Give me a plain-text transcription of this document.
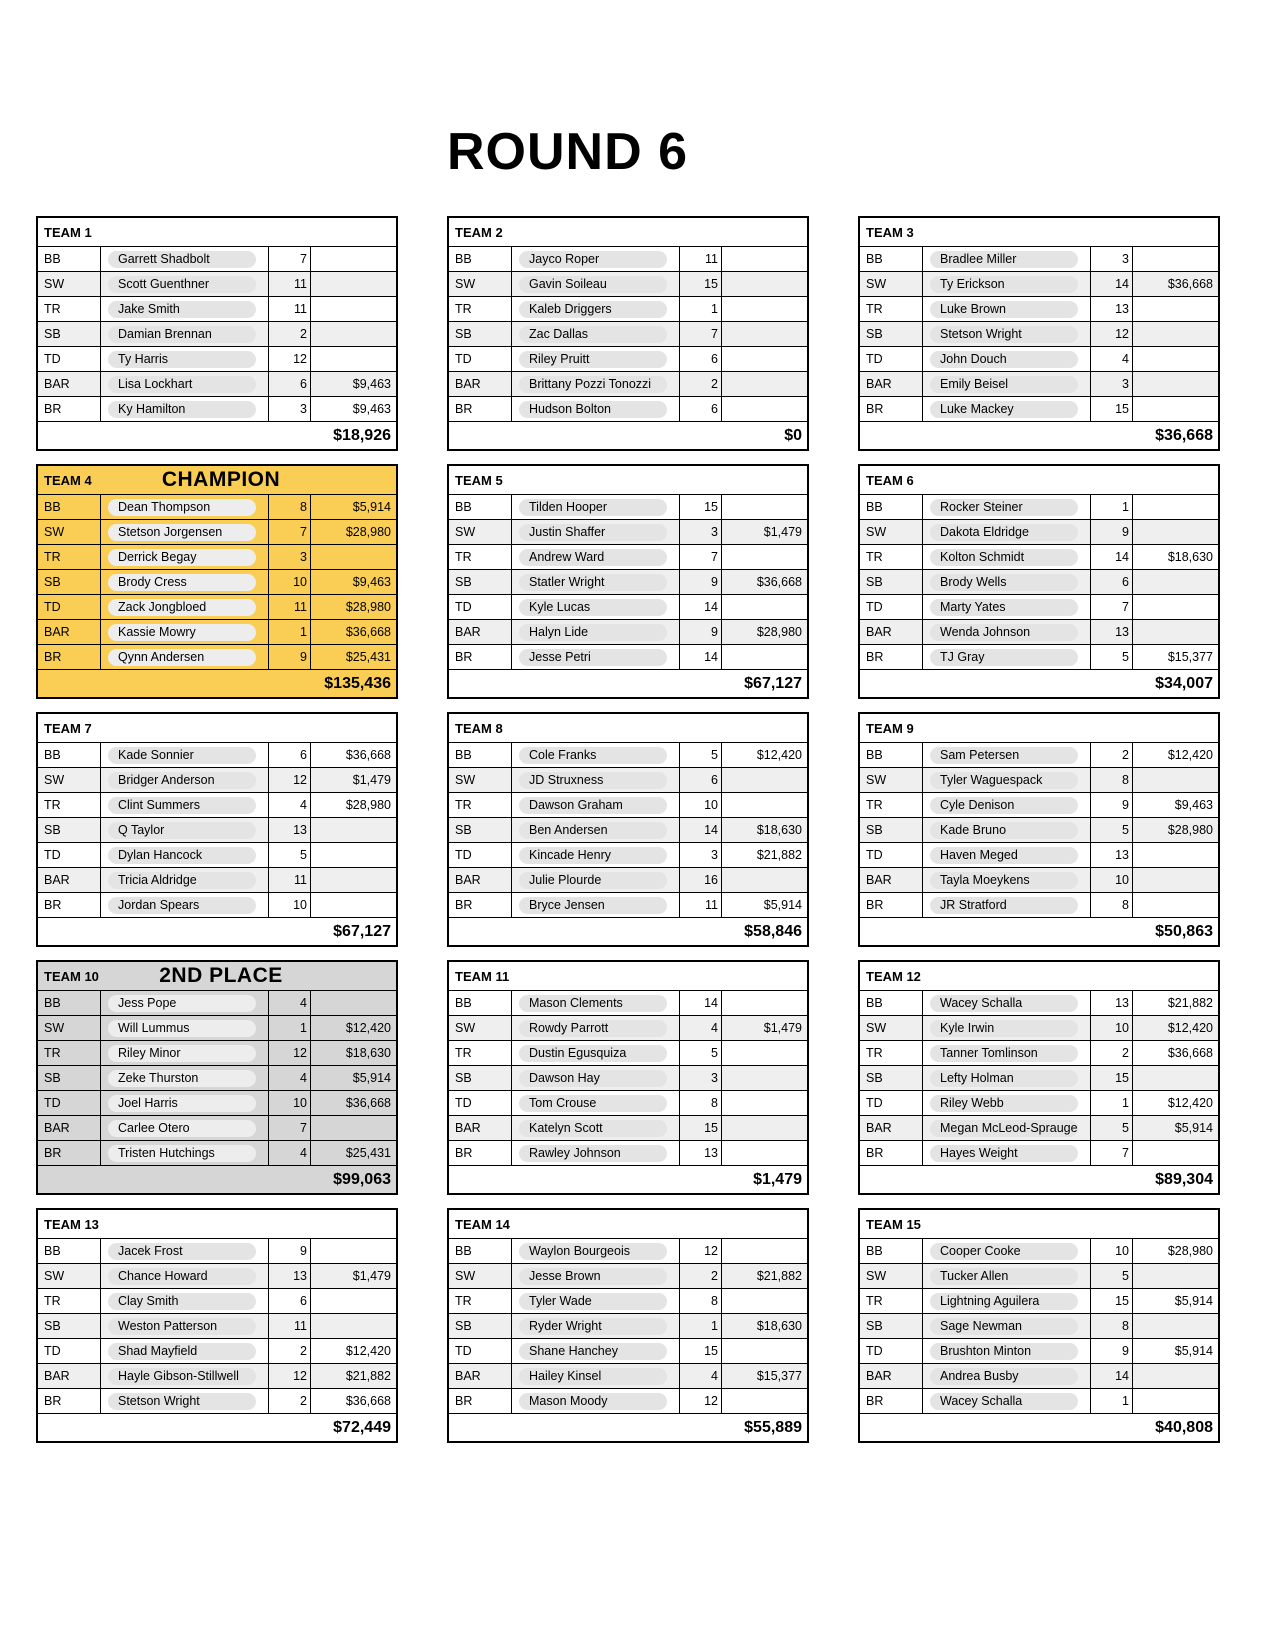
ROUND 6
TEAM 1
BB	Garrett Shadbolt	7
SW	Scott Guenthner	11
TR	Jake Smith	11
SB	Damian Brennan	2
TD	Ty Harris	12
BAR	Lisa Lockhart	6	$9,463
BR	Ky Hamilton	3	$9,463
$18,926
TEAM 2
BB	Jayco Roper	11
SW	Gavin Soileau	15
TR	Kaleb Driggers	1
SB	Zac Dallas	7
TD	Riley Pruitt	6
BAR	Brittany Pozzi Tonozzi	2
BR	Hudson Bolton	6
$0
TEAM 3
BB	Bradlee Miller	3
SW	Ty Erickson	14	$36,668
TR	Luke Brown	13
SB	Stetson Wright	12
TD	John Douch	4
BAR	Emily Beisel	3
BR	Luke Mackey	15
$36,668
TEAM 4	CHAMPION
BB	Dean Thompson	8	$5,914
SW	Stetson Jorgensen	7	$28,980
TR	Derrick Begay	3
SB	Brody Cress	10	$9,463
TD	Zack Jongbloed	11	$28,980
BAR	Kassie Mowry	1	$36,668
BR	Qynn Andersen	9	$25,431
$135,436
TEAM 5
BB	Tilden Hooper	15
SW	Justin Shaffer	3	$1,479
TR	Andrew Ward	7
SB	Statler Wright	9	$36,668
TD	Kyle Lucas	14
BAR	Halyn Lide	9	$28,980
BR	Jesse Petri	14
$67,127
TEAM 6
BB	Rocker Steiner	1
SW	Dakota Eldridge	9
TR	Kolton Schmidt	14	$18,630
SB	Brody Wells	6
TD	Marty Yates	7
BAR	Wenda Johnson	13
BR	TJ Gray	5	$15,377
$34,007
TEAM 7
BB	Kade Sonnier	6	$36,668
SW	Bridger Anderson	12	$1,479
TR	Clint Summers	4	$28,980
SB	Q Taylor	13
TD	Dylan Hancock	5
BAR	Tricia Aldridge	11
BR	Jordan Spears	10
$67,127
TEAM 8
BB	Cole Franks	5	$12,420
SW	JD Struxness	6
TR	Dawson Graham	10
SB	Ben Andersen	14	$18,630
TD	Kincade Henry	3	$21,882
BAR	Julie Plourde	16
BR	Bryce Jensen	11	$5,914
$58,846
TEAM 9
BB	Sam Petersen	2	$12,420
SW	Tyler Waguespack	8
TR	Cyle Denison	9	$9,463
SB	Kade Bruno	5	$28,980
TD	Haven Meged	13
BAR	Tayla Moeykens	10
BR	JR Stratford	8
$50,863
TEAM 10	2ND PLACE
BB	Jess Pope	4
SW	Will Lummus	1	$12,420
TR	Riley Minor	12	$18,630
SB	Zeke Thurston	4	$5,914
TD	Joel Harris	10	$36,668
BAR	Carlee Otero	7
BR	Tristen Hutchings	4	$25,431
$99,063
TEAM 11
BB	Mason Clements	14
SW	Rowdy Parrott	4	$1,479
TR	Dustin Egusquiza	5
SB	Dawson Hay	3
TD	Tom Crouse	8
BAR	Katelyn Scott	15
BR	Rawley Johnson	13
$1,479
TEAM 12
BB	Wacey Schalla	13	$21,882
SW	Kyle Irwin	10	$12,420
TR	Tanner Tomlinson	2	$36,668
SB	Lefty Holman	15
TD	Riley Webb	1	$12,420
BAR	Megan McLeod-Sprauge	5	$5,914
BR	Hayes Weight	7
$89,304
TEAM 13
BB	Jacek Frost	9
SW	Chance Howard	13	$1,479
TR	Clay Smith	6
SB	Weston Patterson	11
TD	Shad Mayfield	2	$12,420
BAR	Hayle Gibson-Stillwell	12	$21,882
BR	Stetson Wright	2	$36,668
$72,449
TEAM 14
BB	Waylon Bourgeois	12
SW	Jesse Brown	2	$21,882
TR	Tyler Wade	8
SB	Ryder Wright	1	$18,630
TD	Shane Hanchey	15
BAR	Hailey Kinsel	4	$15,377
BR	Mason Moody	12
$55,889
TEAM 15
BB	Cooper Cooke	10	$28,980
SW	Tucker Allen	5
TR	Lightning Aguilera	15	$5,914
SB	Sage Newman	8
TD	Brushton Minton	9	$5,914
BAR	Andrea Busby	14
BR	Wacey Schalla	1
$40,808
